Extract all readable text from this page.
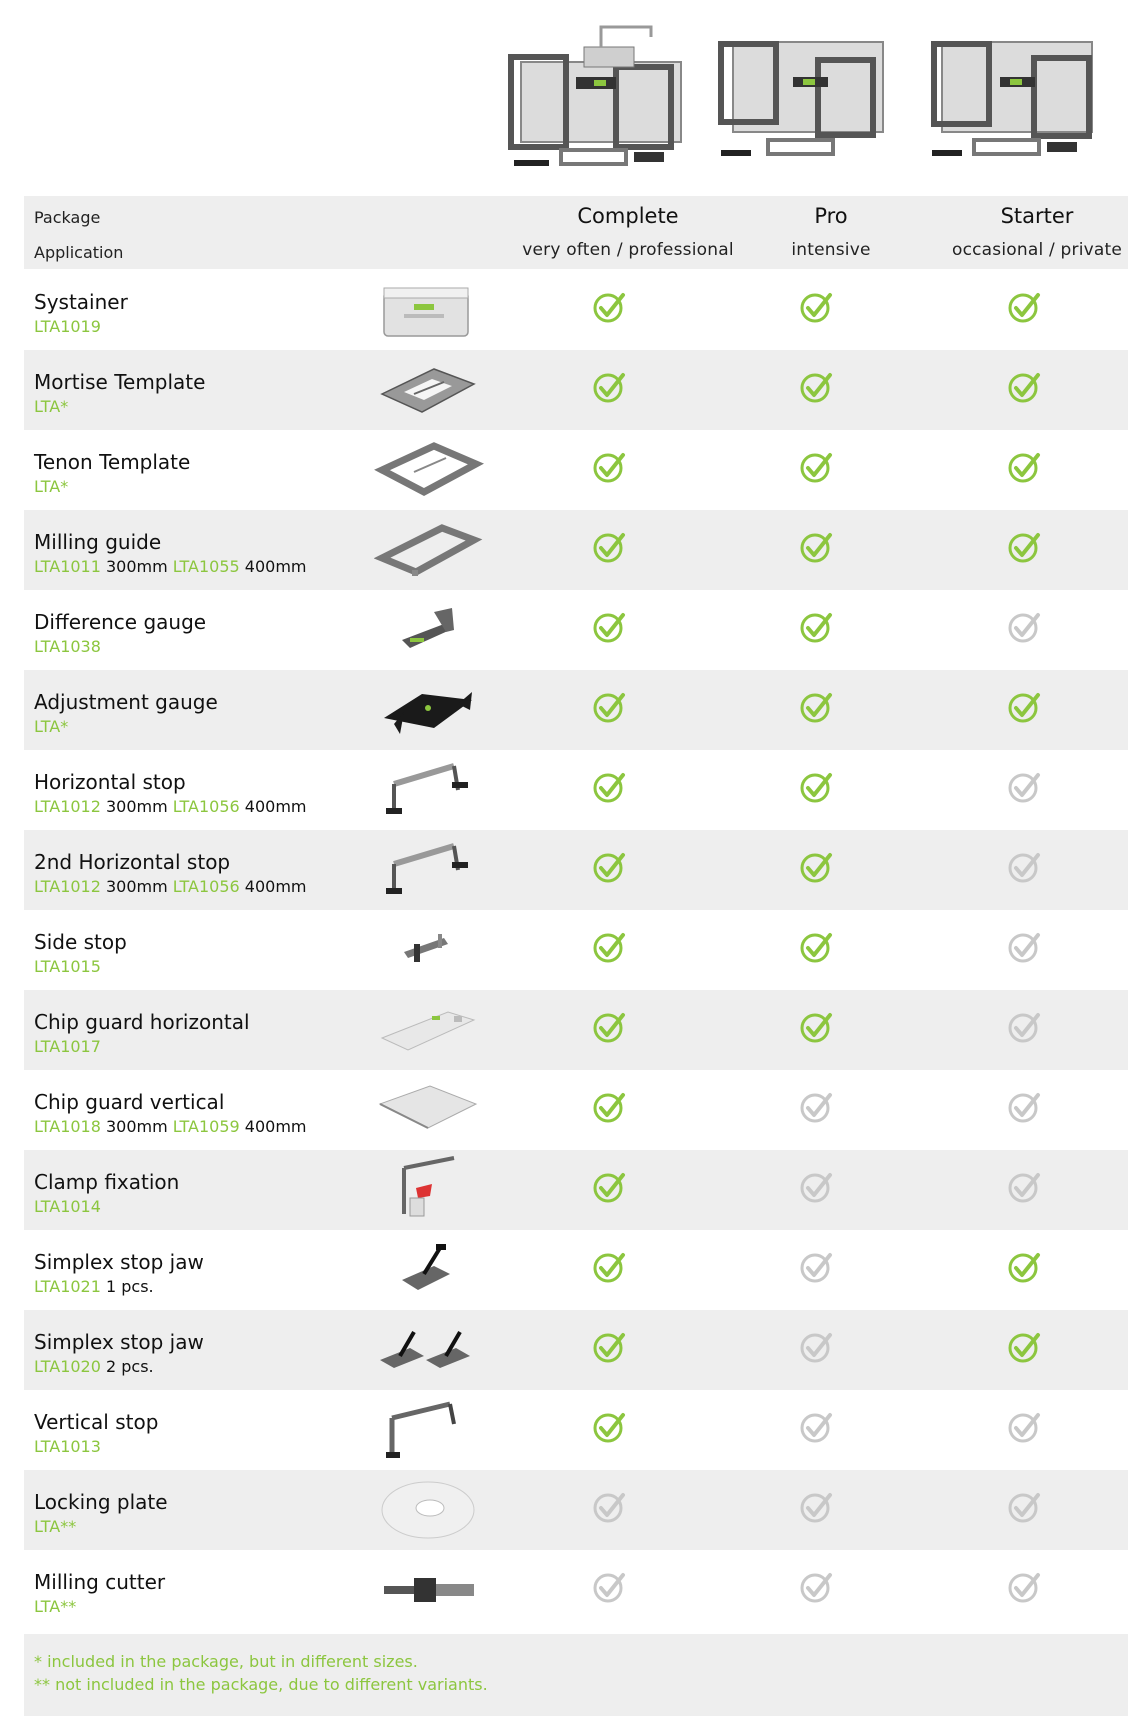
Package
Application
Complete
very often / professional
Pro
intensive
Starter
occasional / private
Systainer
LTA1019
Mortise Template
LTA*
Tenon Template
LTA*
Milling guide
LTA1011 300mm LTA1055 400mm
Difference gauge
LTA1038
Adjustment gauge
LTA*
Horizontal stop
LTA1012 300mm LTA1056 400mm
2nd Horizontal stop
LTA1012 300mm LTA1056 400mm
Side stop
LTA1015
Chip guard horizontal
LTA1017
Chip guard vertical
LTA1018 300mm LTA1059 400mm
Clamp fixation
LTA1014
Simplex stop jaw
LTA1021 1 pcs.
Simplex stop jaw
LTA1020 2 pcs.
Vertical stop
LTA1013
Locking plate
LTA**
Milling cutter
LTA**
* included in the package, but in different sizes.
** not included in the package, due to different variants.
